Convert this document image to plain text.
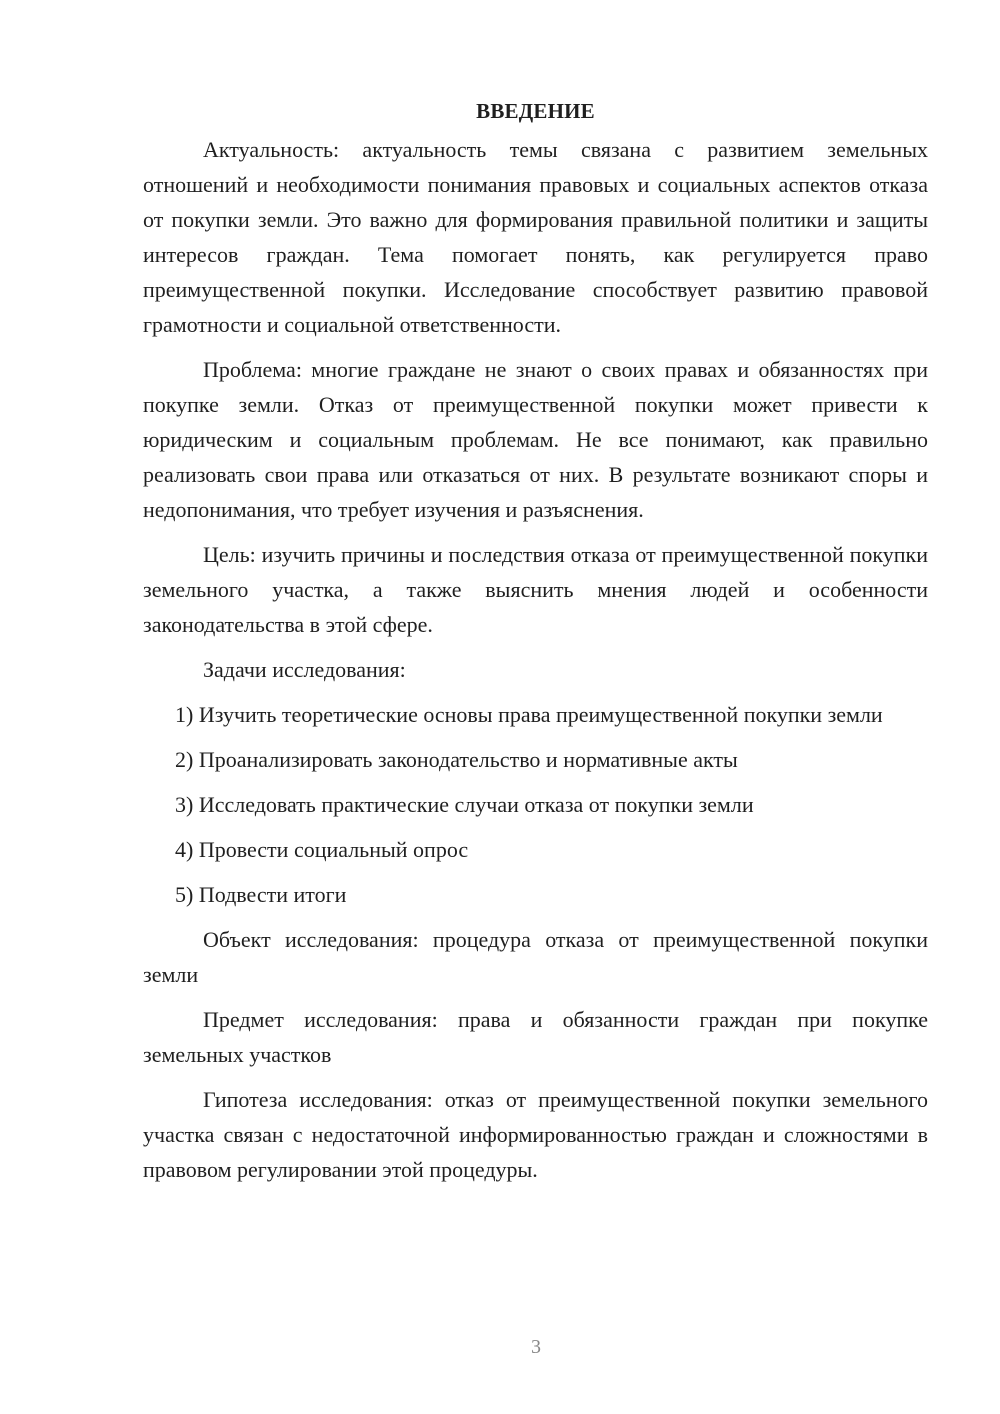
ВВЕДЕНИЕ

Актуальность: актуальность темы связана с развитием земельных отношений и необходимости понимания правовых и социальных аспектов отказа от покупки земли. Это важно для формирования правильной политики и защиты интересов граждан. Тема помогает понять, как регулируется право преимущественной покупки. Исследование способствует развитию правовой грамотности и социальной ответственности.

Проблема: многие граждане не знают о своих правах и обязанностях при покупке земли. Отказ от преимущественной покупки может привести к юридическим и социальным проблемам. Не все понимают, как правильно реализовать свои права или отказаться от них. В результате возникают споры и недопонимания, что требует изучения и разъяснения.

Цель: изучить причины и последствия отказа от преимущественной покупки земельного участка, а также выяснить мнения людей и особенности законодательства в этой сфере.

Задачи исследования:

1) Изучить теоретические основы права преимущественной покупки земли
2) Проанализировать законодательство и нормативные акты
3) Исследовать практические случаи отказа от покупки земли
4) Провести социальный опрос
5) Подвести итоги

Объект исследования: процедура отказа от преимущественной покупки земли

Предмет исследования: права и обязанности граждан при покупке земельных участков

Гипотеза исследования: отказ от преимущественной покупки земельного участка связан с недостаточной информированностью граждан и сложностями в правовом регулировании этой процедуры.

3
